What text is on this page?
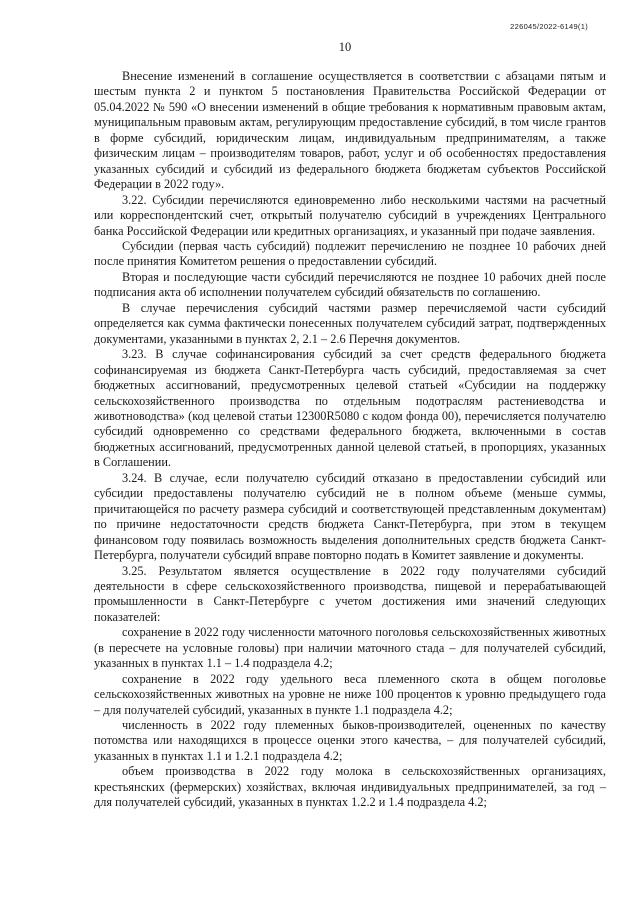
226045/2022-6149(1)
10

Внесение изменений в соглашение осуществляется в соответствии с абзацами пятым и шестым пункта 2 и пунктом 5 постановления Правительства Российской Федерации от 05.04.2022 № 590 «О внесении изменений в общие требования к нормативным правовым актам, муниципальным правовым актам, регулирующим предоставление субсидий, в том числе грантов в форме субсидий, юридическим лицам, индивидуальным предпринимателям, а также физическим лицам – производителям товаров, работ, услуг и об особенностях предоставления указанных субсидий и субсидий из федерального бюджета бюджетам субъектов Российской Федерации в 2022 году».

3.22. Субсидии перечисляются единовременно либо несколькими частями на расчетный или корреспондентский счет, открытый получателю субсидий в учреждениях Центрального банка Российской Федерации или кредитных организациях, и указанный при подаче заявления.

Субсидии (первая часть субсидий) подлежит перечислению не позднее 10 рабочих дней после принятия Комитетом решения о предоставлении субсидий.

Вторая и последующие части субсидий перечисляются не позднее 10 рабочих дней после подписания акта об исполнении получателем субсидий обязательств по соглашению.

В случае перечисления субсидий частями размер перечисляемой части субсидий определяется как сумма фактически понесенных получателем субсидий затрат, подтвержденных документами, указанными в пунктах 2, 2.1 – 2.6 Перечня документов.

3.23. В случае софинансирования субсидий за счет средств федерального бюджета софинансируемая из бюджета Санкт-Петербурга часть субсидий, предоставляемая за счет бюджетных ассигнований, предусмотренных целевой статьей «Субсидии на поддержку сельскохозяйственного производства по отдельным подотраслям растениеводства и животноводства» (код целевой статьи 12300R5080 с кодом фонда 00), перечисляется получателю субсидий одновременно со средствами федерального бюджета, включенными в состав бюджетных ассигнований, предусмотренных данной целевой статьей, в пропорциях, указанных в Соглашении.

3.24. В случае, если получателю субсидий отказано в предоставлении субсидий или субсидии предоставлены получателю субсидий не в полном объеме (меньше суммы, причитающейся по расчету размера субсидий и соответствующей представленным документам) по причине недостаточности средств бюджета Санкт-Петербурга, при этом в текущем финансовом году появилась возможность выделения дополнительных средств бюджета Санкт-Петербурга, получатели субсидий вправе повторно подать в Комитет заявление и документы.

3.25. Результатом является осуществление в 2022 году получателями субсидий деятельности в сфере сельскохозяйственного производства, пищевой и перерабатывающей промышленности в Санкт-Петербурге с учетом достижения ими значений следующих показателей:

сохранение в 2022 году численности маточного поголовья сельскохозяйственных животных (в пересчете на условные головы) при наличии маточного стада – для получателей субсидий, указанных в пунктах 1.1 – 1.4 подраздела 4.2;

сохранение в 2022 году удельного веса племенного скота в общем поголовье сельскохозяйственных животных на уровне не ниже 100 процентов к уровню предыдущего года – для получателей субсидий, указанных в пункте 1.1 подраздела 4.2;

численность в 2022 году племенных быков-производителей, оцененных по качеству потомства или находящихся в процессе оценки этого качества, – для получателей субсидий, указанных в пунктах 1.1 и 1.2.1 подраздела 4.2;

объем производства в 2022 году молока в сельскохозяйственных организациях, крестьянских (фермерских) хозяйствах, включая индивидуальных предпринимателей, за год – для получателей субсидий, указанных в пунктах 1.2.2 и 1.4 подраздела 4.2;
